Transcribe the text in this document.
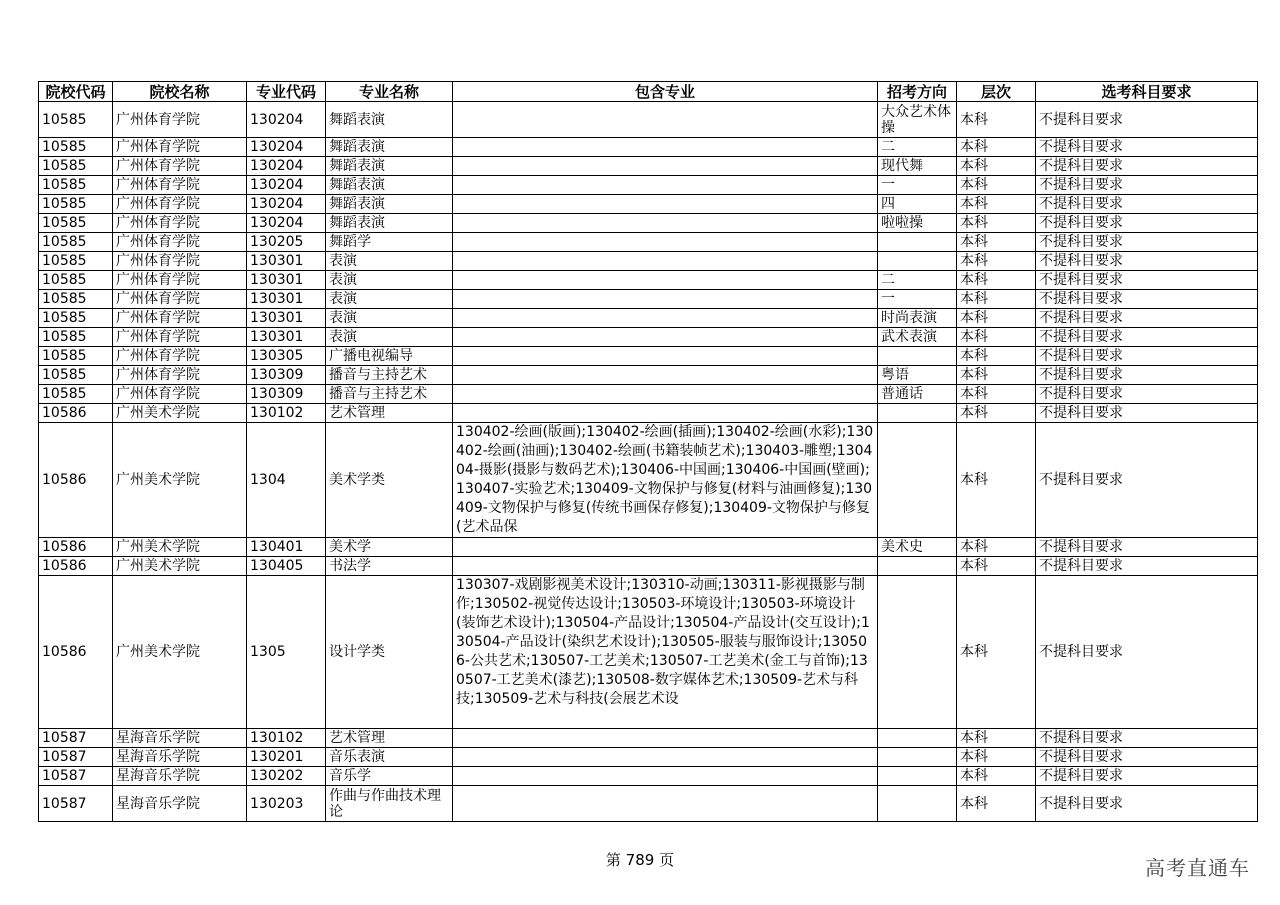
院校代码	院校名称	专业代码	专业名称	包含专业	招考方向	层次	选考科目要求
10585	广州体育学院	130204	舞蹈表演		大众艺术体操	本科	不提科目要求
10585	广州体育学院	130204	舞蹈表演		二	本科	不提科目要求
10585	广州体育学院	130204	舞蹈表演		现代舞	本科	不提科目要求
10585	广州体育学院	130204	舞蹈表演		一	本科	不提科目要求
10585	广州体育学院	130204	舞蹈表演		四	本科	不提科目要求
10585	广州体育学院	130204	舞蹈表演		啦啦操	本科	不提科目要求
10585	广州体育学院	130205	舞蹈学			本科	不提科目要求
10585	广州体育学院	130301	表演			本科	不提科目要求
10585	广州体育学院	130301	表演		二	本科	不提科目要求
10585	广州体育学院	130301	表演		一	本科	不提科目要求
10585	广州体育学院	130301	表演		时尚表演	本科	不提科目要求
10585	广州体育学院	130301	表演		武术表演	本科	不提科目要求
10585	广州体育学院	130305	广播电视编导			本科	不提科目要求
10585	广州体育学院	130309	播音与主持艺术		粤语	本科	不提科目要求
10585	广州体育学院	130309	播音与主持艺术		普通话	本科	不提科目要求
10586	广州美术学院	130102	艺术管理			本科	不提科目要求
10586	广州美术学院	1304	美术学类	130402-绘画(版画);130402-绘画(插画);130402-绘画(水彩);130402-绘画(油画);130402-绘画(书籍装帧艺术);130403-雕塑;130404-摄影(摄影与数码艺术);130406-中国画;130406-中国画(壁画);130407-实验艺术;130409-文物保护与修复(材料与油画修复);130409-文物保护与修复(传统书画保存修复);130409-文物保护与修复(艺术品保		本科	不提科目要求
10586	广州美术学院	130401	美术学		美术史	本科	不提科目要求
10586	广州美术学院	130405	书法学			本科	不提科目要求
10586	广州美术学院	1305	设计学类	130307-戏剧影视美术设计;130310-动画;130311-影视摄影与制作;130502-视觉传达设计;130503-环境设计;130503-环境设计(装饰艺术设计);130504-产品设计;130504-产品设计(交互设计);130504-产品设计(染织艺术设计);130505-服装与服饰设计;130506-公共艺术;130507-工艺美术;130507-工艺美术(金工与首饰);130507-工艺美术(漆艺);130508-数字媒体艺术;130509-艺术与科技;130509-艺术与科技(会展艺术设		本科	不提科目要求
10587	星海音乐学院	130102	艺术管理			本科	不提科目要求
10587	星海音乐学院	130201	音乐表演			本科	不提科目要求
10587	星海音乐学院	130202	音乐学			本科	不提科目要求
10587	星海音乐学院	130203	作曲与作曲技术理论			本科	不提科目要求
第 789 页	高考直通车
